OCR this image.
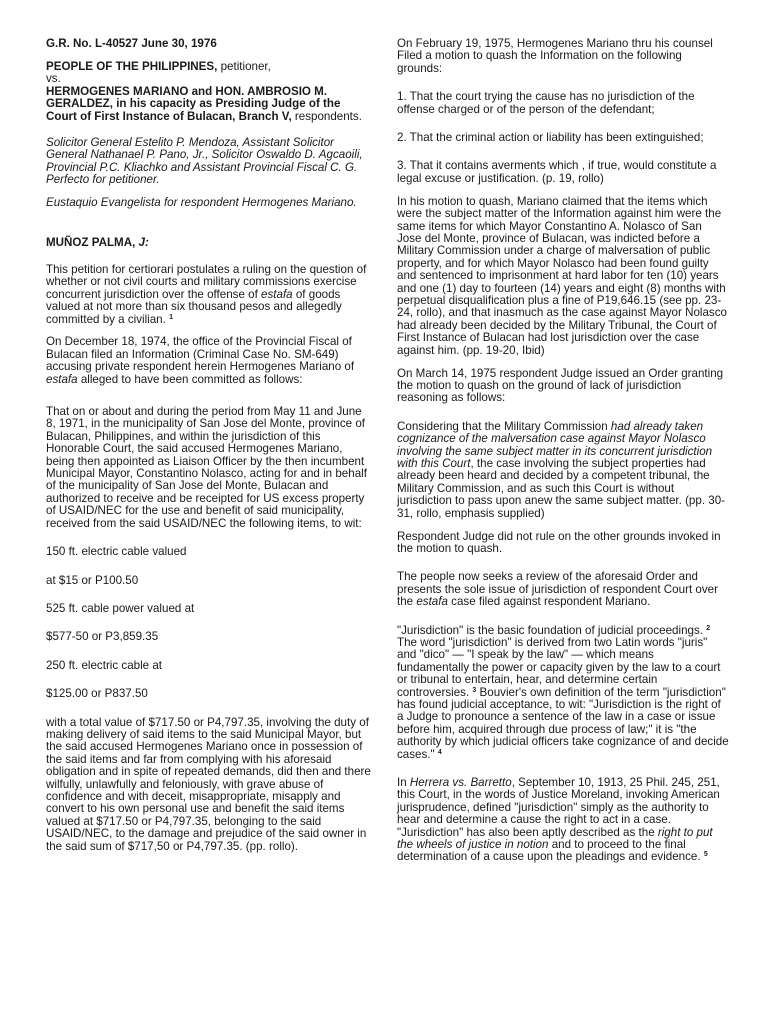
G.R. No. L-40527 June 30, 1976

PEOPLE OF THE PHILIPPINES, petitioner,
vs.
HERMOGENES MARIANO and HON. AMBROSIO M. GERALDEZ, in his capacity as Presiding Judge of the Court of First Instance of Bulacan, Branch V, respondents.

Solicitor General Estelito P. Mendoza, Assistant Solicitor General Nathanael P. Pano, Jr., Solicitor Oswaldo D. Agcaoili, Provincial P.C. Kliachko and Assistant Provincial Fiscal C. G. Perfecto for petitioner.

Eustaquio Evangelista for respondent Hermogenes Mariano.

MUÑOZ PALMA, J:

This petition for certiorari postulates a ruling on the question of whether or not civil courts and military commissions exercise concurrent jurisdiction over the offense of estafa of goods valued at not more than six thousand pesos and allegedly committed by a civilian. $^1$

On December 18, 1974, the office of the Provincial Fiscal of Bulacan filed an Information (Criminal Case No. SM-649) accusing private respondent herein Hermogenes Mariano of estafa alleged to have been committed as follows:

That on or about and during the period from May 11 and June 8, 1971, in the municipality of San Jose del Monte, province of Bulacan, Philippines, and within the jurisdiction of this Honorable Court, the said accused Hermogenes Mariano, being then appointed as Liaison Officer by the then incumbent Municipal Mayor, Constantino Nolasco, acting for and in behalf of the municipality of San Jose del Monte, Bulacan and authorized to receive and be receipted for US excess property of USAID/NEC for the use and benefit of said municipality, received from the said USAID/NEC the following items, to wit:

150 ft. electric cable valued

at $15 or P100.50

525 ft. cable power valued at

$577-50 or P3,859.35

250 ft. electric cable at

$125.00 or P837.50

with a total value of $717.50 or P4,797.35, involving the duty of making delivery of said items to the said Municipal Mayor, but the said accused Hermogenes Mariano once in possession of the said items and far from complying with his aforesaid obligation and in spite of repeated demands, did then and there wilfully, unlawfully and feloniously, with grave abuse of confidence and with deceit, misappropriate, misapply and convert to his own personal use and benefit the said items valued at $717.50 or P4,797.35, belonging to the said USAID/NEC, to the damage and prejudice of the said owner in the said sum of $717,50 or P4,797.35. (pp. rollo).

On February 19, 1975, Hermogenes Mariano thru his counsel Filed a motion to quash the Information on the following grounds:

1. That the court trying the cause has no jurisdiction of the offense charged or of the person of the defendant;

2. That the criminal action or liability has been extinguished;

3. That it contains averments which , if true, would constitute a legal excuse or justification. (p. 19, rollo)

In his motion to quash, Mariano claimed that the items which were the subject matter of the Information against him were the same items for which Mayor Constantino A. Nolasco of San Jose del Monte, province of Bulacan, was indicted before a Military Commission under a charge of malversation of public property, and for which Mayor Nolasco had been found guilty and sentenced to imprisonment at hard labor for ten (10) years and one (1) day to fourteen (14) years and eight (8) months with perpetual disqualification plus a fine of P19,646.15 (see pp. 23-24, rollo), and that inasmuch as the case against Mayor Nolasco had already been decided by the Military Tribunal, the Court of First Instance of Bulacan had lost jurisdiction over the case against him. (pp. 19-20, Ibid)

On March 14, 1975 respondent Judge issued an Order granting the motion to quash on the ground of lack of jurisdiction reasoning as follows:

Considering that the Military Commission had already taken cognizance of the malversation case against Mayor Nolasco involving the same subject matter in its concurrent jurisdiction with this Court, the case involving the subject properties had already been heard and decided by a competent tribunal, the Military Commission, and as such this Court is without jurisdiction to pass upon anew the same subject matter. (pp. 30-31, rollo, emphasis supplied)

Respondent Judge did not rule on the other grounds invoked in the motion to quash.

The people now seeks a review of the aforesaid Order and presents the sole issue of jurisdiction of respondent Court over the estafa case filed against respondent Mariano.

"Jurisdiction" is the basic foundation of judicial proceedings. $^2$ The word "jurisdiction" is derived from two Latin words "juris" and "dico" — "I speak by the law" — which means fundamentally the power or capacity given by the law to a court or tribunal to entertain, hear, and determine certain controversies. $^3$ Bouvier's own definition of the term "jurisdiction" has found judicial acceptance, to wit: "Jurisdiction is the right of a Judge to pronounce a sentence of the law in a case or issue before him, acquired through due process of law;" it is "the authority by which judicial officers take cognizance of and decide cases." $^4$

In Herrera vs. Barretto, September 10, 1913, 25 Phil. 245, 251, this Court, in the words of Justice Moreland, invoking American jurisprudence, defined "jurisdiction" simply as the authority to hear and determine a cause the right to act in a case. "Jurisdiction" has also been aptly described as the right to put the wheels of justice in notion and to proceed to the final determination of a cause upon the pleadings and evidence. $^5$
